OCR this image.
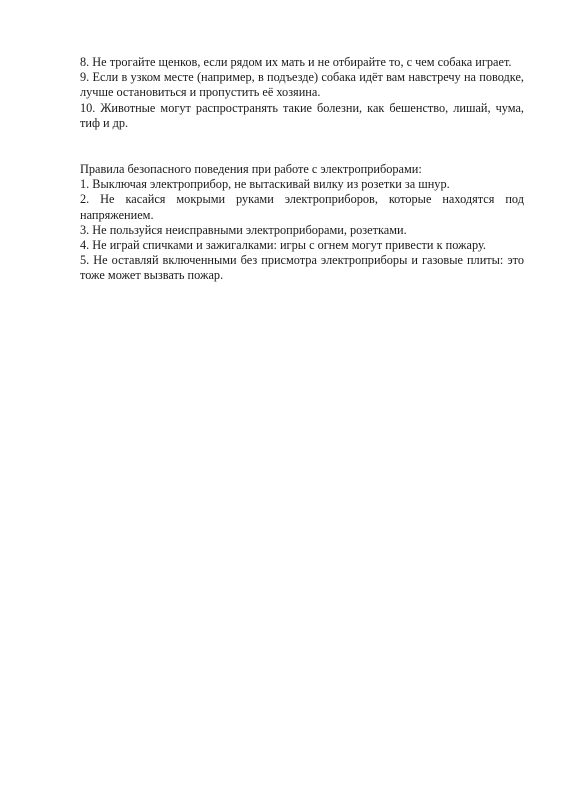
8. Не трогайте щенков, если рядом их мать и не отбирайте то, с чем собака играет.

9. Если в узком месте (например, в подъезде) собака идёт вам навстречу на поводке, лучше остановиться и пропустить её хозяина.

10. Животные могут распространять такие болезни, как бешенство, лишай, чума, тиф и др.

Правила безопасного поведения при работе с электроприборами:

1. Выключая электроприбор, не вытаскивай вилку из розетки за шнур.

2. Не касайся мокрыми руками электроприборов, которые находятся под напряжением.

3. Не пользуйся неисправными электроприборами, розетками.

4. Не играй спичками и зажигалками: игры с огнем могут привести к пожару.

5. Не оставляй включенными без присмотра электроприборы и газовые плиты: это тоже может вызвать пожар.
